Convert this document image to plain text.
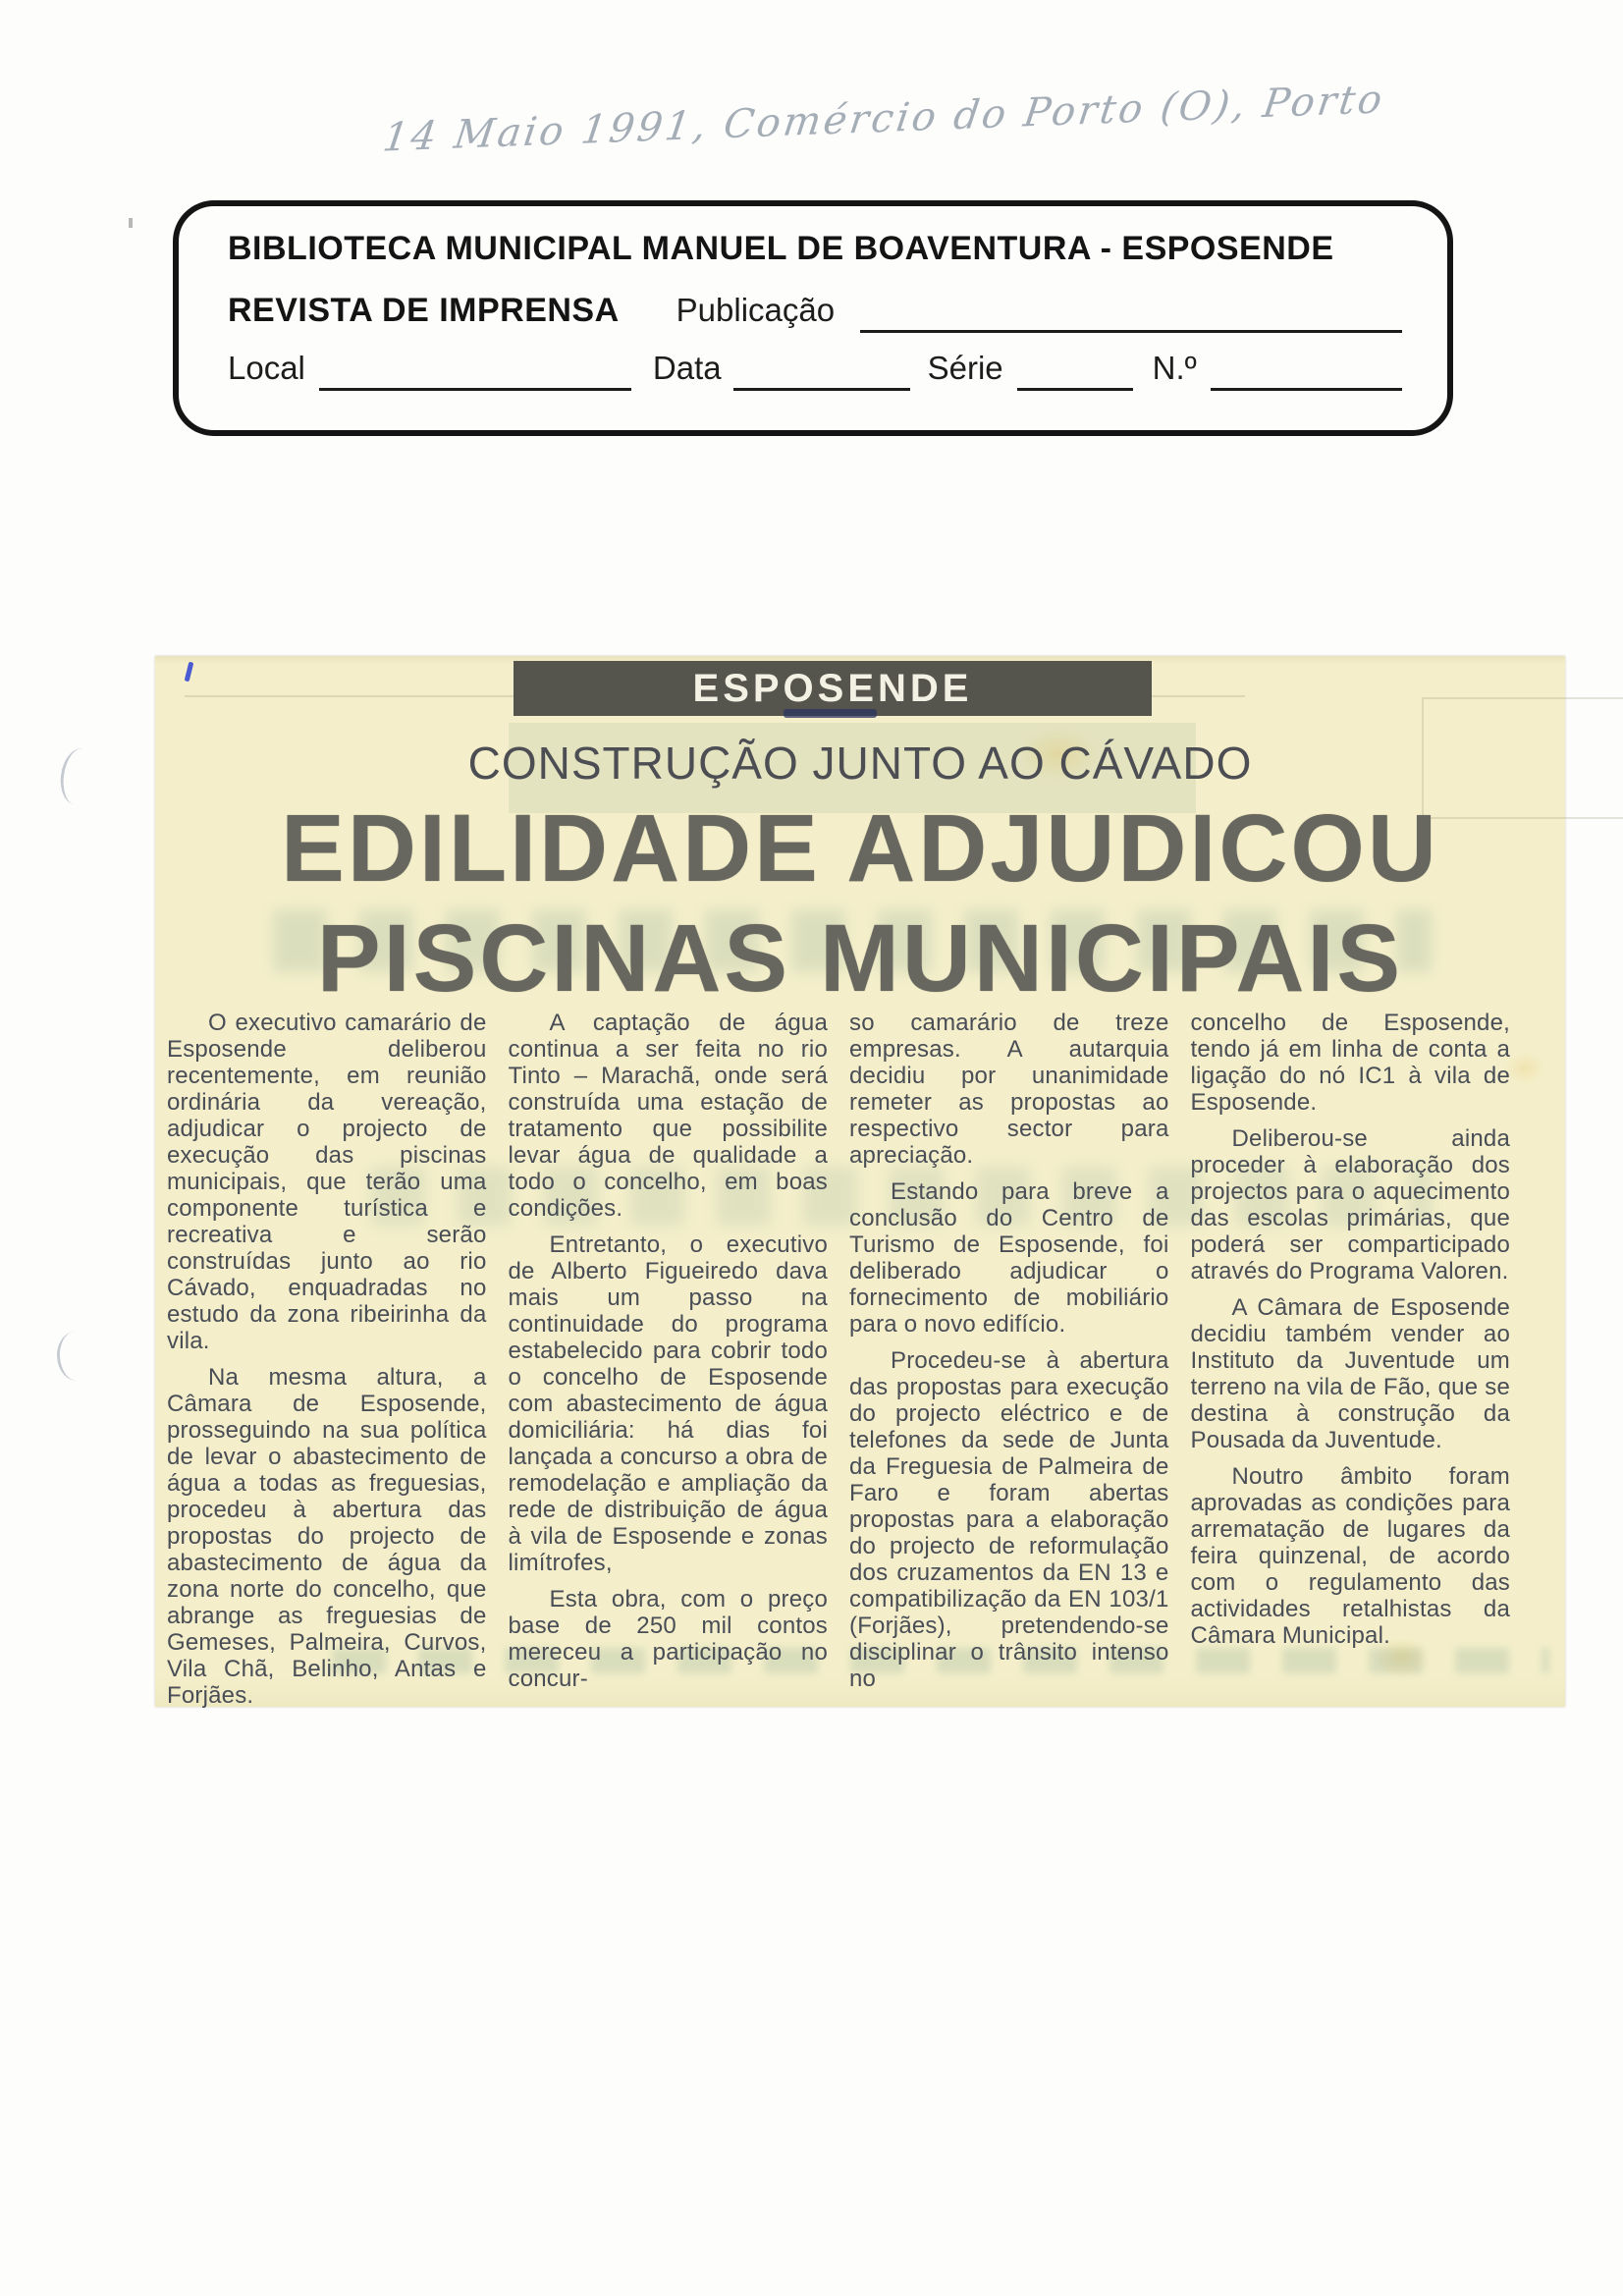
14 Maio 1991, Comércio do Porto (O), Porto
BIBLIOTECA MUNICIPAL MANUEL DE BOAVENTURA - ESPOSENDE
REVISTA DE IMPRENSA Publicação
Local	Data	Série	N.º
ESPOSENDE
CONSTRUÇÃO JUNTO AO CÁVADO
EDILIDADE ADJUDICOU
PISCINAS MUNICIPAIS

O executivo camarário de Esposende deliberou recentemente, em reunião ordinária da vereação, adjudicar o projecto de execução das piscinas municipais, que terão uma componente turística e recreativa e serão construídas junto ao rio Cávado, enquadradas no estudo da zona ribeirinha da vila.

Na mesma altura, a Câmara de Esposende, prosseguindo na sua política de levar o abastecimento de água a todas as freguesias, procedeu à abertura das propostas do projecto de abastecimento de água da zona norte do concelho, que abrange as freguesias de Gemeses, Palmeira, Curvos, Vila Chã, Belinho, Antas e Forjães.

A captação de água continua a ser feita no rio Tinto – Marachã, onde será construída uma estação de tratamento que possibilite levar água de qualidade a todo o concelho, em boas condições.

Entretanto, o executivo de Alberto Figueiredo dava mais um passo na continuidade do programa estabelecido para cobrir todo o concelho de Esposende com abastecimento de água domiciliária: há dias foi lançada a concurso a obra de remodelação e ampliação da rede de distribuição de água à vila de Esposende e zonas limítrofes,

Esta obra, com o preço base de 250 mil contos mereceu a participação no concur-

so camarário de treze empresas. A autarquia decidiu por unanimidade remeter as propostas ao respectivo sector para apreciação.

Estando para breve a conclusão do Centro de Turismo de Esposende, foi deliberado adjudicar o fornecimento de mobiliário para o novo edifício.

Procedeu-se à abertura das propostas para execução do projecto eléctrico e de telefones da sede de Junta da Freguesia de Palmeira de Faro e foram abertas propostas para a elaboração do projecto de reformulação dos cruzamentos da EN 13 e compatibilização da EN 103/1 (Forjães), pretendendo-se disciplinar o trânsito intenso no

concelho de Esposende, tendo já em linha de conta a ligação do nó IC1 à vila de Esposende.

Deliberou-se ainda proceder à elaboração dos projectos para o aquecimento das escolas primárias, que poderá ser comparticipado através do Programa Valoren.

A Câmara de Esposende decidiu também vender ao Instituto da Juventude um terreno na vila de Fão, que se destina à construção da Pousada da Juventude.

Noutro âmbito foram aprovadas as condições para arrematação de lugares da feira quinzenal, de acordo com o regulamento das actividades retalhistas da Câmara Municipal.
